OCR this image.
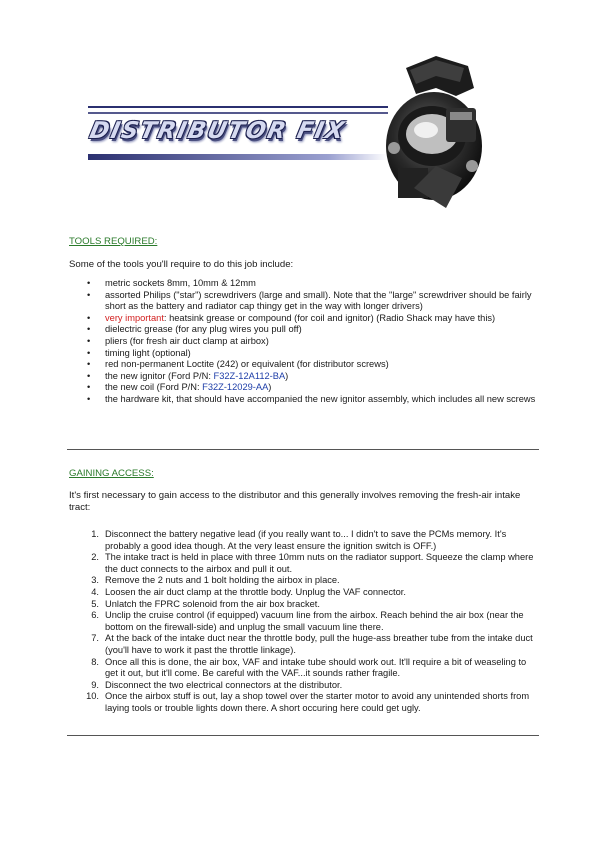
DISTRIBUTOR FIX
TOOLS REQUIRED:
Some of the tools you'll require to do this job include:
• metric sockets 8mm, 10mm & 12mm
• assorted Philips ("star") screwdrivers (large and small). Note that the "large" screwdriver should be fairly short as the battery and radiator cap thingy get in the way with longer drivers)
• very important: heatsink grease or compound (for coil and ignitor) (Radio Shack may have this)
• dielectric grease (for any plug wires you pull off)
• pliers (for fresh air duct clamp at airbox)
• timing light (optional)
• red non-permanent Loctite (242) or equivalent (for distributor screws)
• the new ignitor (Ford P/N: F32Z-12A112-BA)
• the new coil (Ford P/N: F32Z-12029-AA)
• the hardware kit, that should have accompanied the new ignitor assembly, which includes all new screws
GAINING ACCESS:
It's first necessary to gain access to the distributor and this generally involves removing the fresh-air intake tract:
1. Disconnect the battery negative lead (if you really want to... I didn't to save the PCMs memory. It's probably a good idea though. At the very least ensure the ignition switch is OFF.)
2. The intake tract is held in place with three 10mm nuts on the radiator support. Squeeze the clamp where the duct connects to the airbox and pull it out.
3. Remove the 2 nuts and 1 bolt holding the airbox in place.
4. Loosen the air duct clamp at the throttle body. Unplug the VAF connector.
5. Unlatch the FPRC solenoid from the air box bracket.
6. Unclip the cruise control (if equipped) vacuum line from the airbox. Reach behind the air box (near the bottom on the firewall-side) and unplug the small vacuum line there.
7. At the back of the intake duct near the throttle body, pull the huge-ass breather tube from the intake duct (you'll have to work it past the throttle linkage).
8. Once all this is done, the air box, VAF and intake tube should work out. It'll require a bit of weaseling to get it out, but it'll come. Be careful with the VAF...it sounds rather fragile.
9. Disconnect the two electrical connectors at the distributor.
10. Once the airbox stuff is out, lay a shop towel over the starter motor to avoid any unintended shorts from laying tools or trouble lights down there. A short occuring here could get ugly.
